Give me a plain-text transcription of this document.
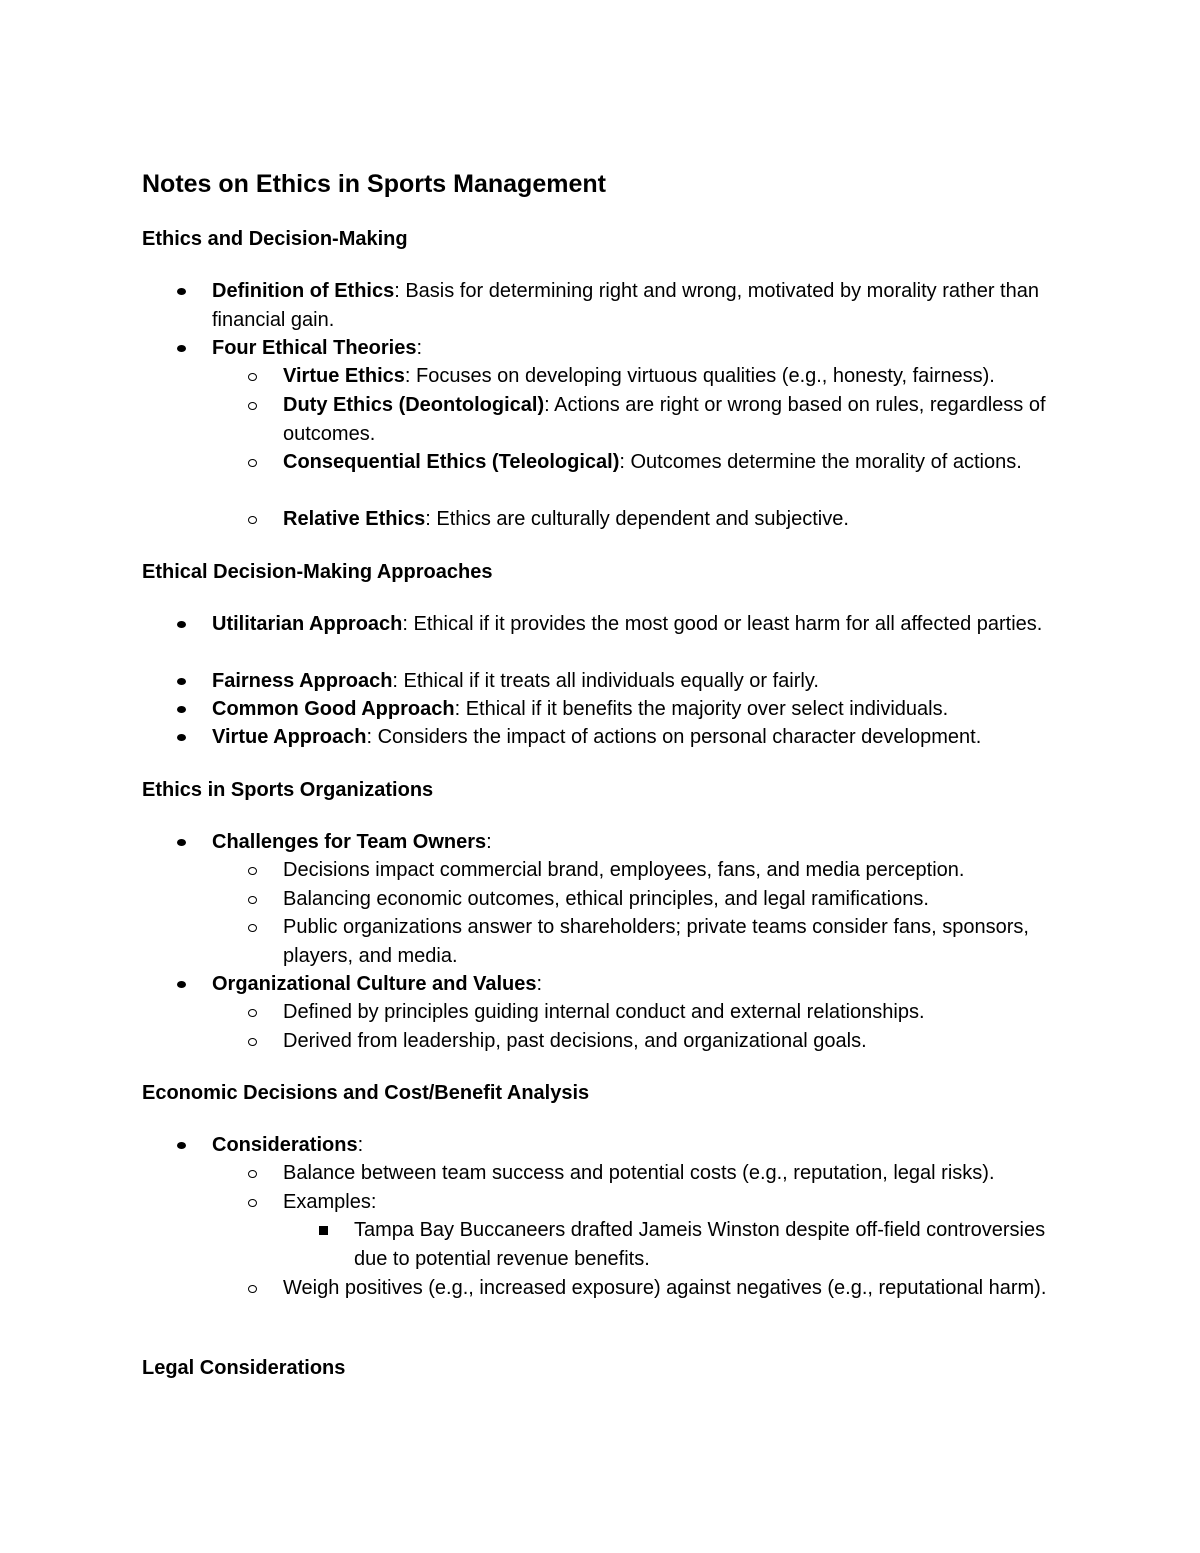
Notes on Ethics in Sports Management
Ethics and Decision-Making
Definition of Ethics: Basis for determining right and wrong, motivated by morality rather than financial gain.
Four Ethical Theories:
Virtue Ethics: Focuses on developing virtuous qualities (e.g., honesty, fairness).
Duty Ethics (Deontological): Actions are right or wrong based on rules, regardless of outcomes.
Consequential Ethics (Teleological): Outcomes determine the morality of actions.
Relative Ethics: Ethics are culturally dependent and subjective.
Ethical Decision-Making Approaches
Utilitarian Approach: Ethical if it provides the most good or least harm for all affected parties.
Fairness Approach: Ethical if it treats all individuals equally or fairly.
Common Good Approach: Ethical if it benefits the majority over select individuals.
Virtue Approach: Considers the impact of actions on personal character development.
Ethics in Sports Organizations
Challenges for Team Owners:
Decisions impact commercial brand, employees, fans, and media perception.
Balancing economic outcomes, ethical principles, and legal ramifications.
Public organizations answer to shareholders; private teams consider fans, sponsors, players, and media.
Organizational Culture and Values:
Defined by principles guiding internal conduct and external relationships.
Derived from leadership, past decisions, and organizational goals.
Economic Decisions and Cost/Benefit Analysis
Considerations:
Balance between team success and potential costs (e.g., reputation, legal risks).
Examples:
Tampa Bay Buccaneers drafted Jameis Winston despite off-field controversies due to potential revenue benefits.
Weigh positives (e.g., increased exposure) against negatives (e.g., reputational harm).
Legal Considerations
